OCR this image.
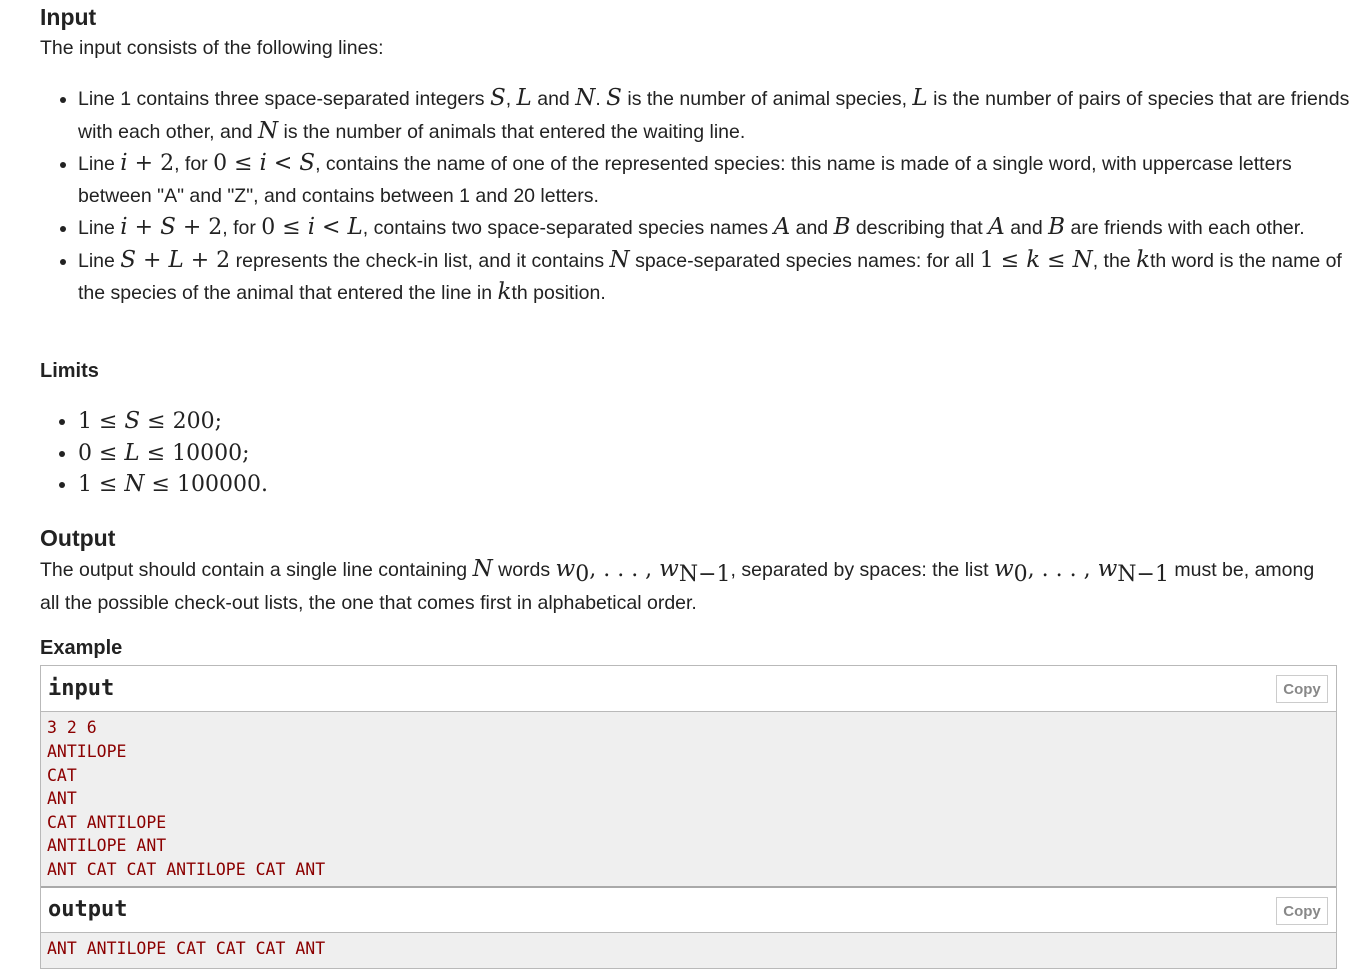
Input

The input consists of the following lines:

• Line 1 contains three space-separated integers S, L and N. S is the number of animal species, L is the number of pairs of species that are friends with each other, and N is the number of animals that entered the waiting line.
• Line i + 2, for 0 ≤ i < S, contains the name of one of the represented species: this name is made of a single word, with uppercase letters between "A" and "Z", and contains between 1 and 20 letters.
• Line i + S + 2, for 0 ≤ i < L, contains two space-separated species names A and B describing that A and B are friends with each other.
• Line S + L + 2 represents the check-in list, and it contains N space-separated species names: for all 1 ≤ k ≤ N, the kth word is the name of the species of the animal that entered the line in kth position.
Limits
• 1 ≤ S ≤ 200;
• 0 ≤ L ≤ 10000;
• 1 ≤ N ≤ 100000.
Output

The output should contain a single line containing N words $w_0$, . . . , $w_{N-1}$, separated by spaces: the list $w_0$, . . . , $w_{N-1}$ must be, among all the possible check-out lists, the one that comes first in alphabetical order.

Example
input	Copy
3 2 6
ANTILOPE
CAT
ANT
CAT ANTILOPE
ANTILOPE ANT
ANT CAT CAT ANTILOPE CAT ANT
output	Copy
ANT ANTILOPE CAT CAT CAT ANT
